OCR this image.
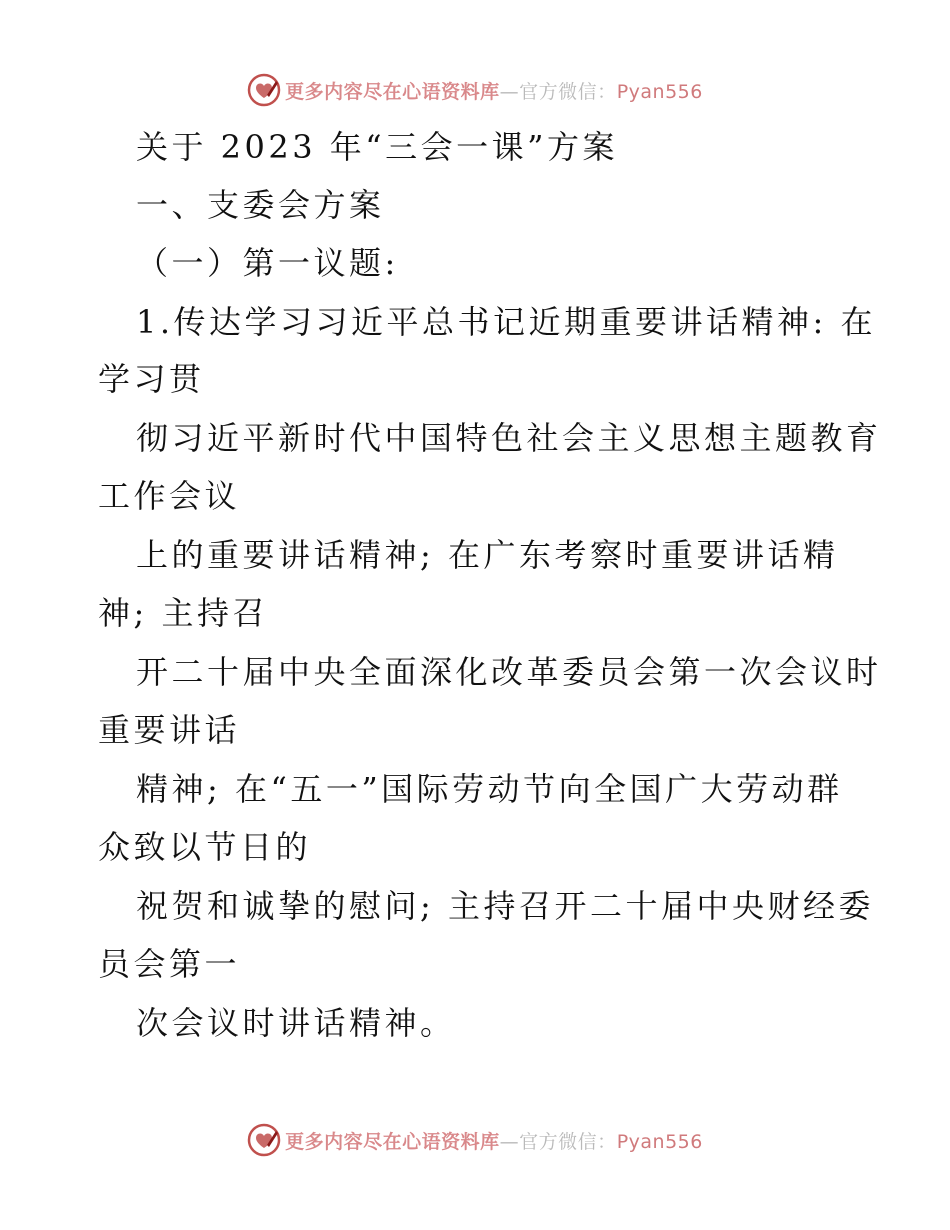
更多内容尽在心语资料库—官方微信：Pyan556
关于 2023 年“三会一课”方案
一、支委会方案
（一）第一议题:
1.传达学习习近平总书记近期重要讲话精神: 在
学习贯
彻习近平新时代中国特色社会主义思想主题教育
工作会议
上的重要讲话精神; 在广东考察时重要讲话精
神; 主持召
开二十届中央全面深化改革委员会第一次会议时
重要讲话
精神; 在“五一”国际劳动节向全国广大劳动群
众致以节日的
祝贺和诚挚的慰问; 主持召开二十届中央财经委
员会第一
次会议时讲话精神。
更多内容尽在心语资料库—官方微信：Pyan556
